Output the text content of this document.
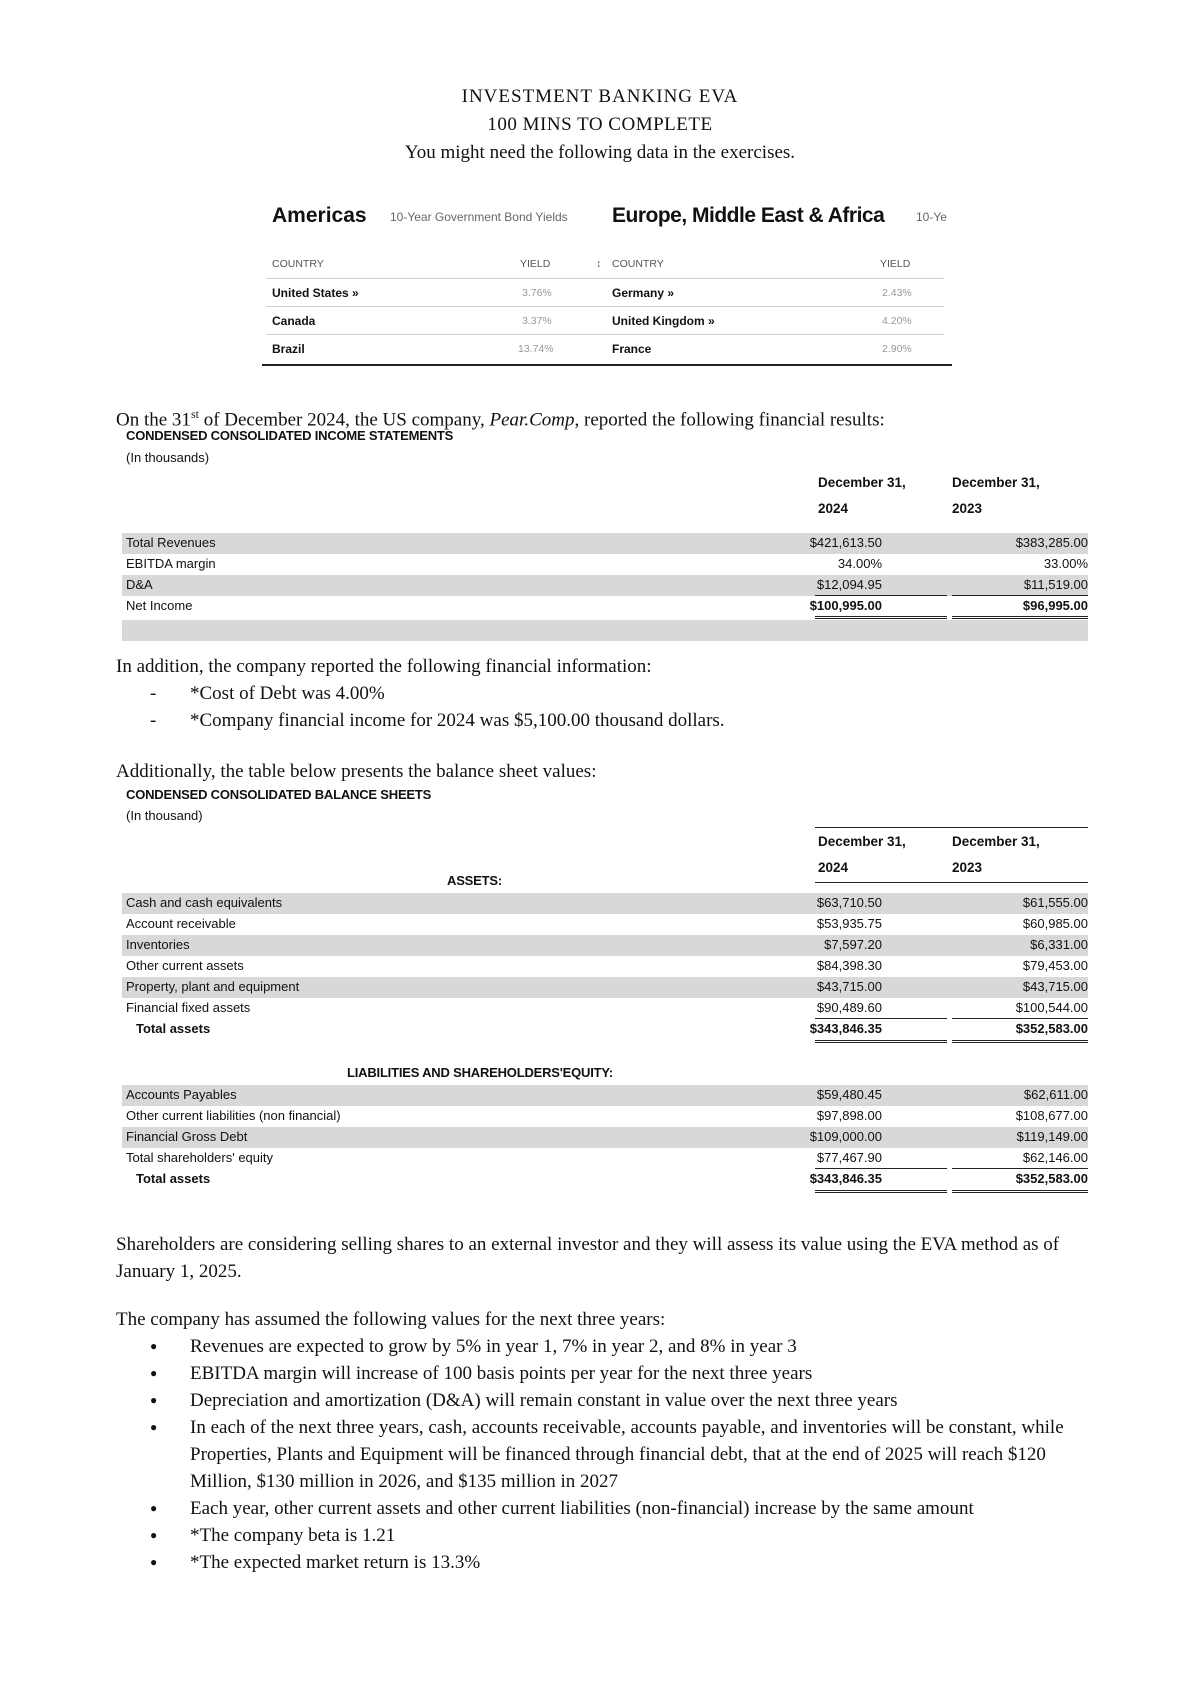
INVESTMENT BANKING EVA
100 MINS TO COMPLETE
You might need the following data in the exercises.
Americas 10-Year Government Bond Yields Europe, Middle East & Africa	10-Ye
COUNTRY	YIELD	↕ COUNTRY	YIELD
United States »	3.76%	Germany »	2.43%
Canada	3.37%	United Kingdom »	4.20%
Brazil	13.74%	France	2.90%
On the 31st of December 2024, the US company, Pear.Comp, reported the following financial results:
CONDENSED CONSOLIDATED INCOME STATEMENTS
(In thousands)
December 31,
2024
December 31,
2023
Total Revenues	$421,613.50	$383,285.00
EBITDA margin	34.00%	33.00%
D&A	$12,094.95	$11,519.00
Net Income	$100,995.00	$96,995.00
In addition, the company reported the following financial information:
- *Cost of Debt was 4.00%
- *Company financial income for 2024 was $5,100.00 thousand dollars.
Additionally, the table below presents the balance sheet values:
CONDENSED CONSOLIDATED BALANCE SHEETS
(In thousand)
December 31,
2024
December 31,
2023
ASSETS:
Cash and cash equivalents	$63,710.50	$61,555.00
Account receivable	$53,935.75	$60,985.00
Inventories	$7,597.20	$6,331.00
Other current assets	$84,398.30	$79,453.00
Property, plant and equipment	$43,715.00	$43,715.00
Financial fixed assets	$90,489.60	$100,544.00
Total assets	$343,846.35	$352,583.00
LIABILITIES AND SHAREHOLDERS'EQUITY:
Accounts Payables	$59,480.45	$62,611.00
Other current liabilities (non financial)	$97,898.00	$108,677.00
Financial Gross Debt	$109,000.00	$119,149.00
Total shareholders' equity	$77,467.90	$62,146.00
Total assets	$343,846.35	$352,583.00
Shareholders are considering selling shares to an external investor and they will assess its value using the EVA method as of January 1, 2025.
The company has assumed the following values for the next three years:
● Revenues are expected to grow by 5% in year 1, 7% in year 2, and 8% in year 3
● EBITDA margin will increase of 100 basis points per year for the next three years
● Depreciation and amortization (D&A) will remain constant in value over the next three years
● In each of the next three years, cash, accounts receivable, accounts payable, and inventories will be constant, while Properties, Plants and Equipment will be financed through financial debt, that at the end of 2025 will reach $120 Million, $130 million in 2026, and $135 million in 2027
● Each year, other current assets and other current liabilities (non-financial) increase by the same amount
● *The company beta is 1.21
● *The expected market return is 13.3%
